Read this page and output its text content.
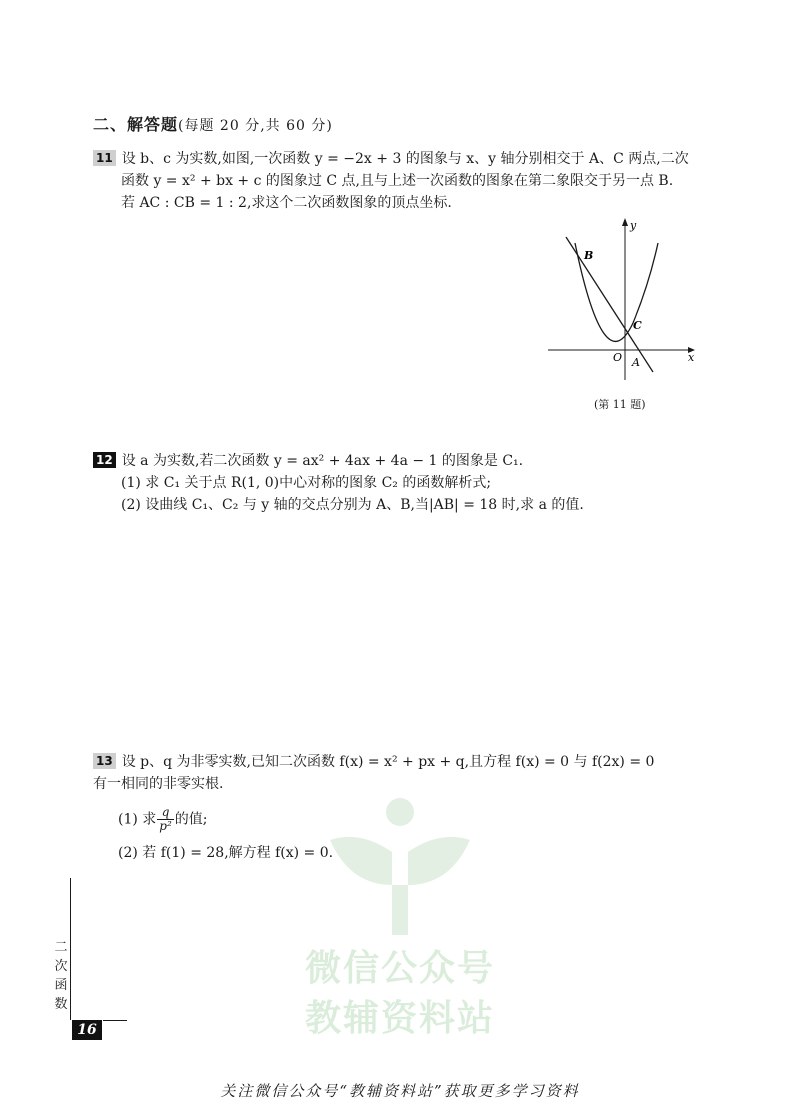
二、解答题(每题 20 分,共 60 分)
11 设 b、c 为实数,如图,一次函数 y = −2x + 3 的图象与 x、y 轴分别相交于 A、C 两点,二次
函数 y = x² + bx + c 的图象过 C 点,且与上述一次函数的图象在第二象限交于另一点 B.
若 AC : CB = 1 : 2,求这个二次函数图象的顶点坐标.
y
x
O
B
C
A
(第 11 题)
12 设 a 为实数,若二次函数 y = ax² + 4ax + 4a − 1 的图象是 C₁.
(1) 求 C₁ 关于点 R(1, 0)中心对称的图象 C₂ 的函数解析式;
(2) 设曲线 C₁、C₂ 与 y 轴的交点分别为 A、B,当|AB| = 18 时,求 a 的值.
13 设 p、q 为非零实数,已知二次函数 f(x) = x² + px + q,且方程 f(x) = 0 与 f(2x) = 0
有一相同的非零实根.
(1) 求 $\frac{q}{\text{p²}}$ 的值;
(2) 若 f(1) = 28,解方程 f(x) = 0.
微信公众号
教辅资料站
二
次
函
数
16
关注微信公众号“教辅资料站”获取更多学习资料
